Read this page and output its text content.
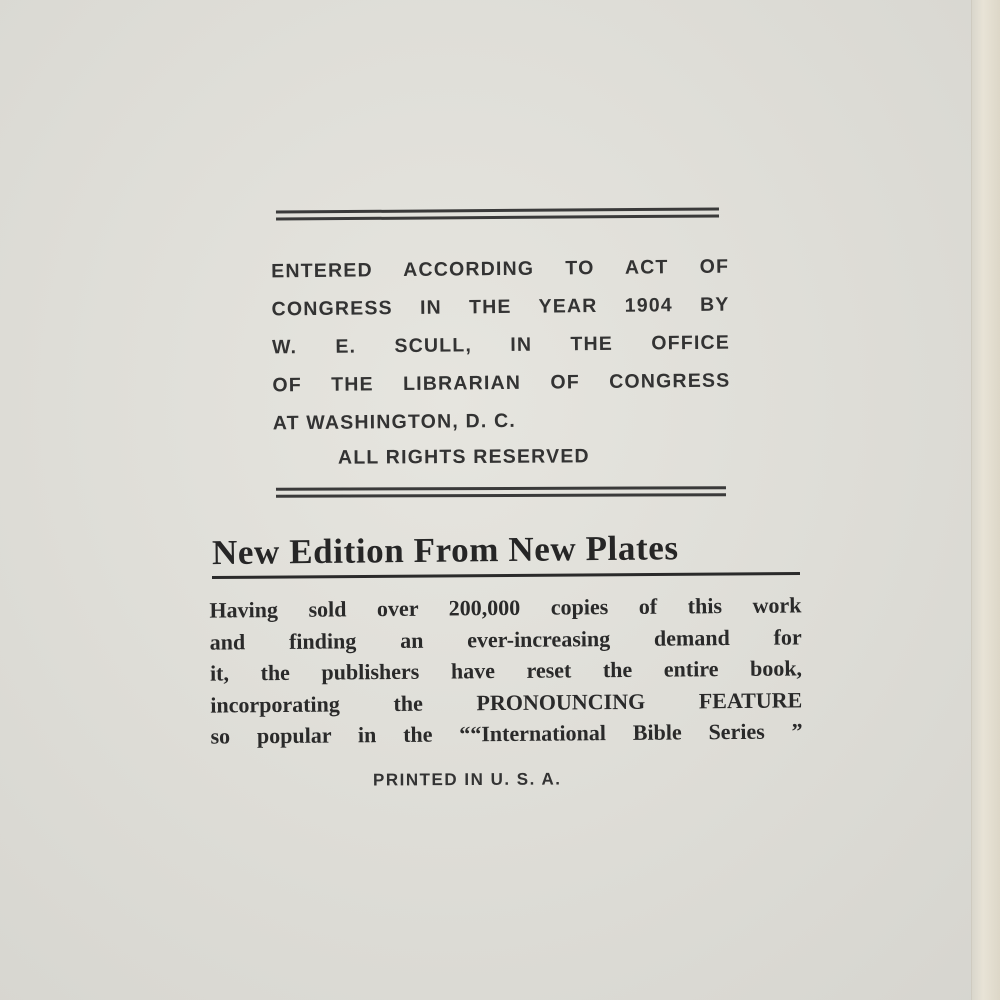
ENTERED ACCORDING TO ACT OF
CONGRESS IN THE YEAR 1904 BY
W. E. SCULL, IN THE OFFICE
OF THE LIBRARIAN OF CONGRESS
AT WASHINGTON, D. C.
ALL RIGHTS RESERVED
New Edition From New Plates
Having sold over 200,000 copies of this work
and finding an ever-increasing demand for
it, the publishers have reset the entire book,
incorporating the PRONOUNCING FEATURE
so popular in the ““International Bible Series ”
PRINTED IN U. S. A.
